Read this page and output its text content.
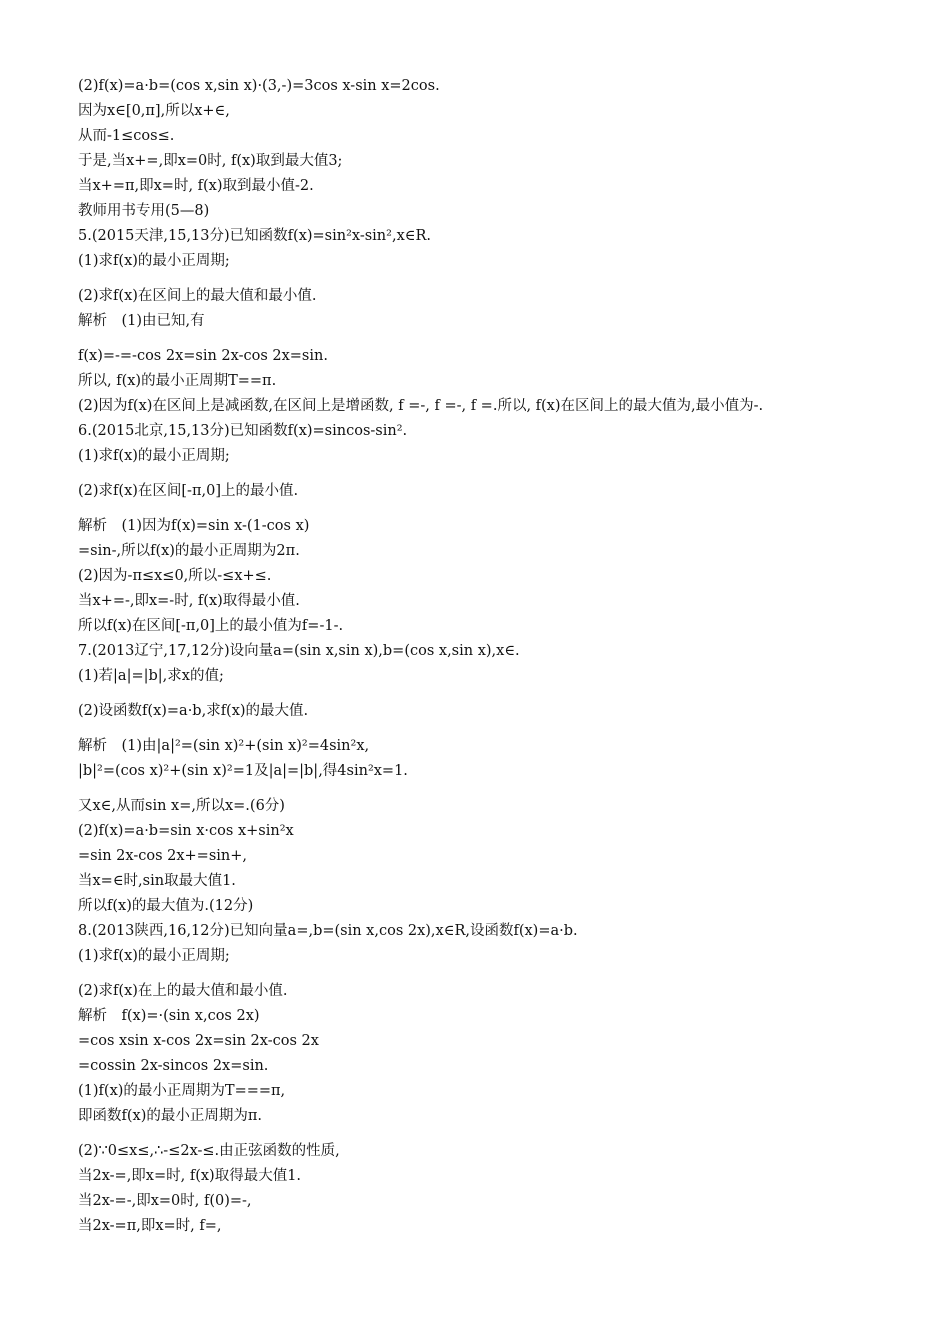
(2)f(x)=a·b=(cos x,sin x)·(3,-)=3cos x-sin x=2cos.
因为x∈[0,π],所以x+∈,
从而-1≤cos≤.
于是,当x+=,即x=0时, f(x)取到最大值3;
当x+=π,即x=时, f(x)取到最小值-2.
教师用书专用(5—8)
5.(2015天津,15,13分)已知函数f(x)=sin²x-sin²,x∈R.
(1)求f(x)的最小正周期;
(2)求f(x)在区间上的最大值和最小值.
解析　(1)由已知,有
f(x)=-=-cos 2x=sin 2x-cos 2x=sin.
所以, f(x)的最小正周期T==π.
(2)因为f(x)在区间上是减函数,在区间上是增函数, f =-, f =-, f =.所以, f(x)在区间上的最大值为,最小值为-.
6.(2015北京,15,13分)已知函数f(x)=sincos-sin².
(1)求f(x)的最小正周期;
(2)求f(x)在区间[-π,0]上的最小值.
解析　(1)因为f(x)=sin x-(1-cos x)
=sin-,所以f(x)的最小正周期为2π.
(2)因为-π≤x≤0,所以-≤x+≤.
当x+=-,即x=-时, f(x)取得最小值.
所以f(x)在区间[-π,0]上的最小值为f=-1-.
7.(2013辽宁,17,12分)设向量a=(sin x,sin x),b=(cos x,sin x),x∈.
(1)若|a|=|b|,求x的值;
(2)设函数f(x)=a·b,求f(x)的最大值.
解析　(1)由|a|²=(sin x)²+(sin x)²=4sin²x,
|b|²=(cos x)²+(sin x)²=1及|a|=|b|,得4sin²x=1.
又x∈,从而sin x=,所以x=.(6分)
(2)f(x)=a·b=sin x·cos x+sin²x
=sin 2x-cos 2x+=sin+,
当x=∈时,sin取最大值1.
所以f(x)的最大值为.(12分)
8.(2013陕西,16,12分)已知向量a=,b=(sin x,cos 2x),x∈R,设函数f(x)=a·b.
(1)求f(x)的最小正周期;
(2)求f(x)在上的最大值和最小值.
解析　f(x)=·(sin x,cos 2x)
=cos xsin x-cos 2x=sin 2x-cos 2x
=cossin 2x-sincos 2x=sin.
(1)f(x)的最小正周期为T===π,
即函数f(x)的最小正周期为π.
(2)∵0≤x≤,∴-≤2x-≤.由正弦函数的性质,
当2x-=,即x=时, f(x)取得最大值1.
当2x-=-,即x=0时, f(0)=-,
当2x-=π,即x=时, f=,
